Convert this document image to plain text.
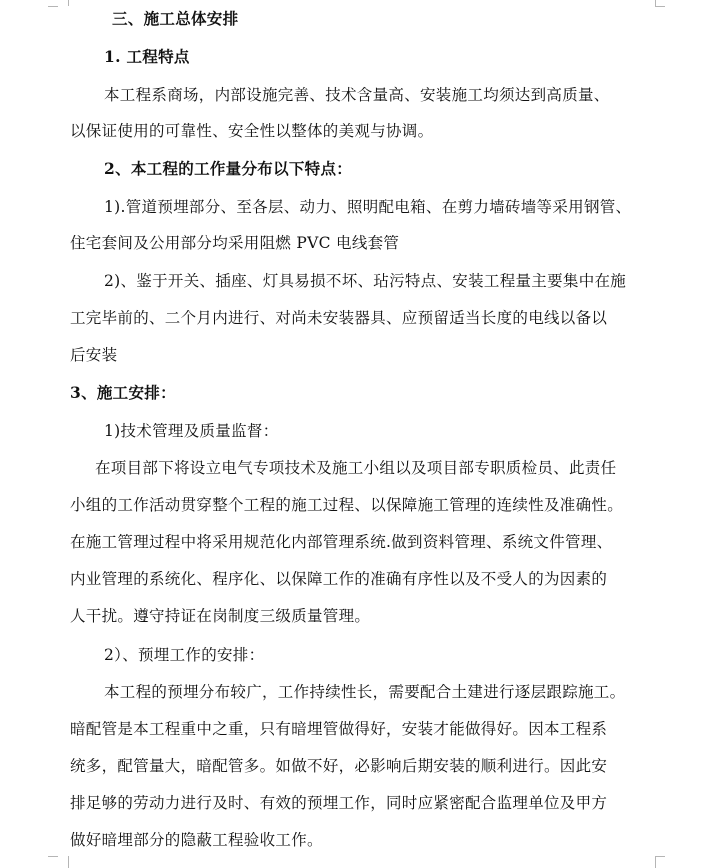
三、施工总体安排
1. 工程特点
本工程系商场，内部设施完善、技术含量高、安装施工均须达到高质量、
以保证使用的可靠性、安全性以整体的美观与协调。
2、本工程的工作量分布以下特点：
1).管道预埋部分、至各层、动力、照明配电箱、在剪力墙砖墙等采用钢管、
住宅套间及公用部分均采用阻燃 PVC 电线套管
2)、鉴于开关、插座、灯具易损不坏、玷污特点、安装工程量主要集中在施
工完毕前的、二个月内进行、对尚未安装器具、应预留适当长度的电线以备以
后安装
3、施工安排：
1)技术管理及质量监督：
在项目部下将设立电气专项技术及施工小组以及项目部专职质检员、此责任
小组的工作活动贯穿整个工程的施工过程、以保障施工管理的连续性及准确性。
在施工管理过程中将采用规范化内部管理系统.做到资料管理、系统文件管理、
内业管理的系统化、程序化、以保障工作的准确有序性以及不受人的为因素的
人干扰。遵守持证在岗制度三级质量管理。
2）、预埋工作的安排：
本工程的预埋分布较广，工作持续性长，需要配合土建进行逐层跟踪施工。
暗配管是本工程重中之重，只有暗埋管做得好，安装才能做得好。因本工程系
统多，配管量大，暗配管多。如做不好，必影响后期安装的顺利进行。因此安
排足够的劳动力进行及时、有效的预埋工作，同时应紧密配合监理单位及甲方
做好暗埋部分的隐蔽工程验收工作。
